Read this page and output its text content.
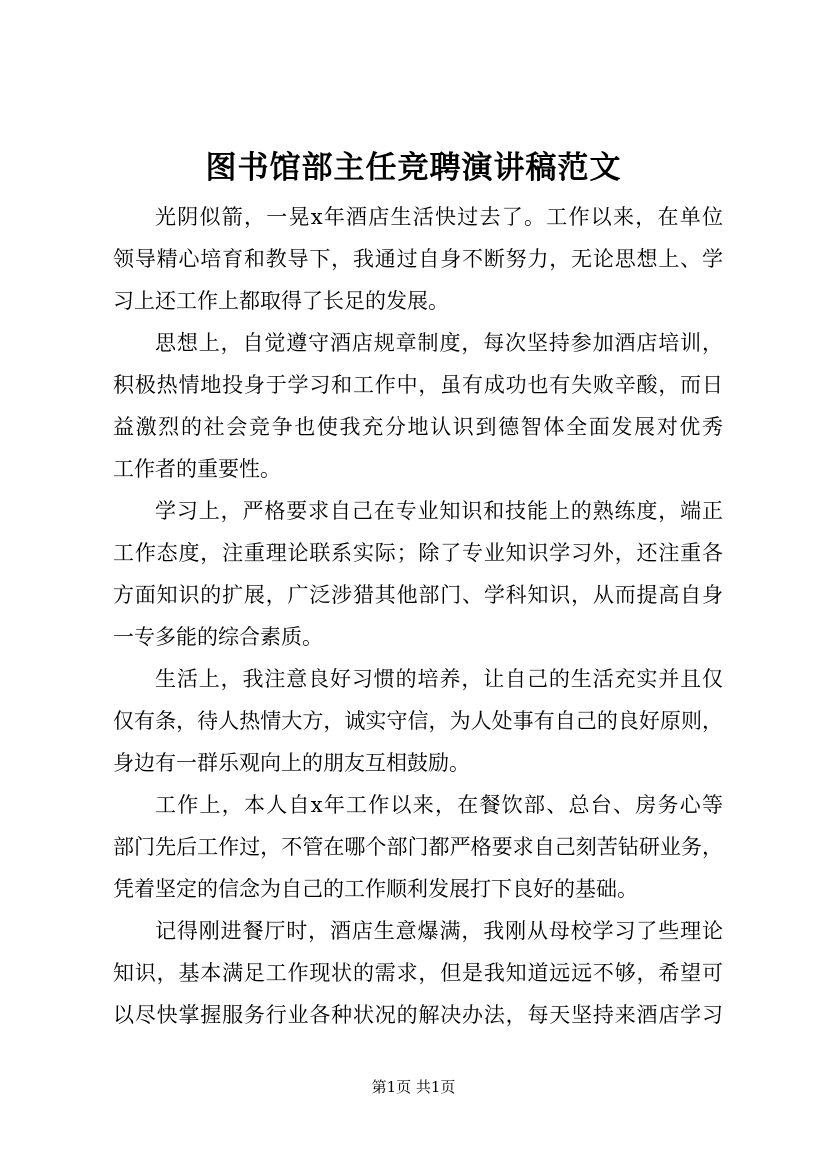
图书馆部主任竞聘演讲稿范文
光阴似箭，一晃x年酒店生活快过去了。工作以来，在单位
领导精心培育和教导下，我通过自身不断努力，无论思想上、学
习上还工作上都取得了长足的发展。
思想上，自觉遵守酒店规章制度，每次坚持参加酒店培训，
积极热情地投身于学习和工作中，虽有成功也有失败辛酸，而日
益激烈的社会竞争也使我充分地认识到德智体全面发展对优秀
工作者的重要性。
学习上，严格要求自己在专业知识和技能上的熟练度，端正
工作态度，注重理论联系实际；除了专业知识学习外，还注重各
方面知识的扩展，广泛涉猎其他部门、学科知识，从而提高自身
一专多能的综合素质。
生活上，我注意良好习惯的培养，让自己的生活充实并且仅
仅有条，待人热情大方，诚实守信，为人处事有自己的良好原则，
身边有一群乐观向上的朋友互相鼓励。
工作上，本人自x年工作以来，在餐饮部、总台、房务心等
部门先后工作过，不管在哪个部门都严格要求自己刻苦钻研业务，
凭着坚定的信念为自己的工作顺利发展打下良好的基础。
记得刚进餐厅时，酒店生意爆满，我刚从母校学习了些理论
知识，基本满足工作现状的需求，但是我知道远远不够，希望可
以尽快掌握服务行业各种状况的解决办法，每天坚持来酒店学习
第1页 共1页
